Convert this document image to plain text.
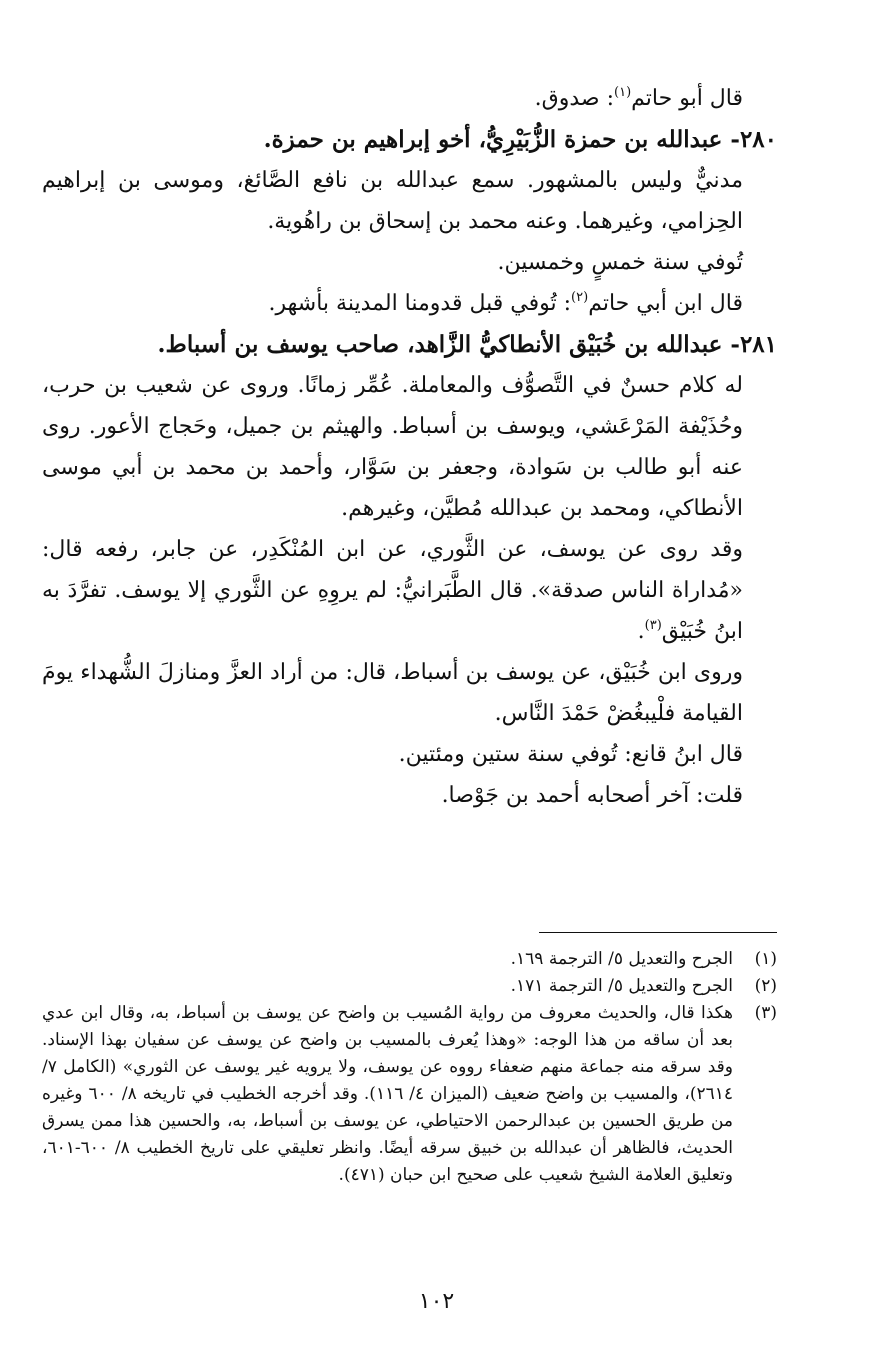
قال أبو حاتم$^{(١)}$: صدوق.

٢٨٠- عبدالله بن حمزة الزُّبَيْرِيُّ، أخو إبراهيم بن حمزة.

مدنيٌّ وليس بالمشهور. سمع عبدالله بن نافع الصَّائغ، وموسى بن إبراهيم الحِزامي، وغيرهما. وعنه محمد بن إسحاق بن راهُوية.

تُوفي سنة خمسٍ وخمسين.

قال ابن أبي حاتم$^{(٢)}$: تُوفي قبل قدومنا المدينة بأشهر.

٢٨١- عبدالله بن خُبَيْق الأنطاكيُّ الزَّاهد، صاحب يوسف بن أسباط.

له كلام حسنٌ في التَّصوُّف والمعاملة. عُمِّر زمانًا. وروى عن شعيب بن حرب، وحُذَيْفة المَرْعَشي، ويوسف بن أسباط. والهيثم بن جميل، وحَجاج الأعور. روى عنه أبو طالب بن سَوادة، وجعفر بن سَوَّار، وأحمد بن محمد بن أبي موسى الأنطاكي، ومحمد بن عبدالله مُطيَّن، وغيرهم.

وقد روى عن يوسف، عن الثَّوري، عن ابن المُنْكَدِر، عن جابر، رفعه قال: «مُداراة الناس صدقة». قال الطَّبَرانيُّ: لم يروِهِ عن الثَّوري إلا يوسف. تفرَّدَ به ابنُ خُبَيْق$^{(٣)}$.

وروى ابن خُبَيْق، عن يوسف بن أسباط، قال: من أراد العزَّ ومنازلَ الشُّهداء يومَ القيامة فلْيبغُضْ حَمْدَ النَّاس.

قال ابنُ قانع: تُوفي سنة ستين ومئتين.

قلت: آخر أصحابه أحمد بن جَوْصا.

(١)
الجرح والتعديل ٥/ الترجمة ١٦٩.
(٢)
الجرح والتعديل ٥/ الترجمة ١٧١.
(٣)
هكذا قال، والحديث معروف من رواية المُسيب بن واضح عن يوسف بن أسباط، به، وقال ابن عدي بعد أن ساقه من هذا الوجه: «وهذا يُعرف بالمسيب بن واضح عن يوسف عن سفيان بهذا الإسناد. وقد سرقه منه جماعة منهم ضعفاء رووه عن يوسف، ولا يرويه غير يوسف عن الثوري» (الكامل ٧/ ٢٦١٤)، والمسيب بن واضح ضعيف (الميزان ٤/ ١١٦). وقد أخرجه الخطيب في تاريخه ٨/ ٦٠٠ وغيره من طريق الحسين بن عبدالرحمن الاحتياطي، عن يوسف بن أسباط، به، والحسين هذا ممن يسرق الحديث، فالظاهر أن عبدالله بن خبيق سرقه أيضًا. وانظر تعليقي على تاريخ الخطيب ٨/ ٦٠٠-٦٠١، وتعليق العلامة الشيخ شعيب على صحيح ابن حبان (٤٧١).
١٠٢
